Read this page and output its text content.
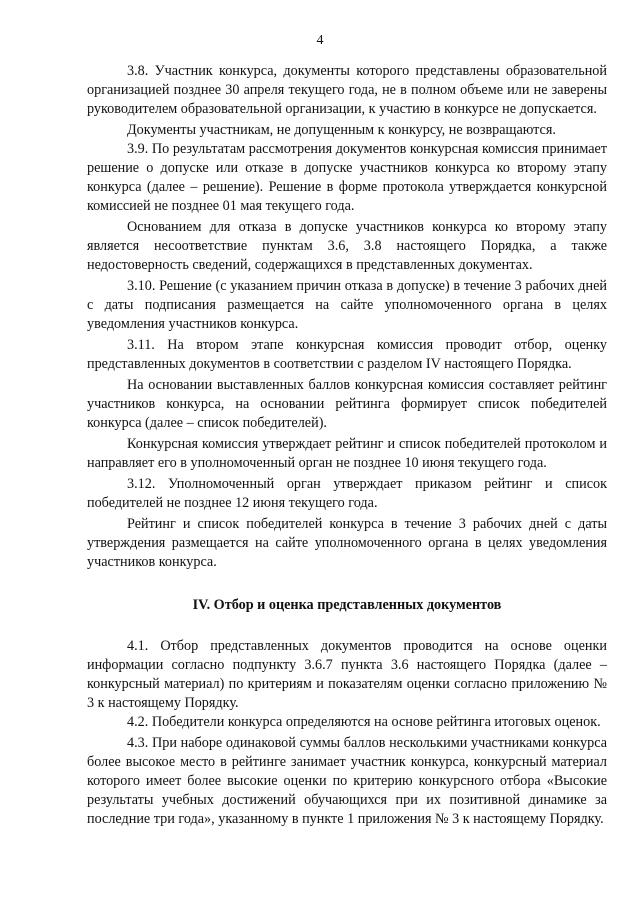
4

3.8. Участник конкурса, документы которого представлены образовательной организацией позднее 30 апреля текущего года, не в полном объеме или не заверены руководителем образовательной организации, к участию в конкурсе не допускается.

Документы участникам, не допущенным к конкурсу, не возвращаются.

3.9. По результатам рассмотрения документов конкурсная комиссия принимает решение о допуске или отказе в допуске участников конкурса ко второму этапу конкурса (далее – решение). Решение в форме протокола утверждается конкурсной комиссией не позднее 01 мая текущего года.

Основанием для отказа в допуске участников конкурса ко второму этапу является несоответствие пунктам 3.6, 3.8 настоящего Порядка, а также недостоверность сведений, содержащихся в представленных документах.

3.10. Решение (с указанием причин отказа в допуске) в течение 3 рабочих дней с даты подписания размещается на сайте уполномоченного органа в целях уведомления участников конкурса.

3.11. На втором этапе конкурсная комиссия проводит отбор, оценку представленных документов в соответствии с разделом IV настоящего Порядка.

На основании выставленных баллов конкурсная комиссия составляет рейтинг участников конкурса, на основании рейтинга формирует список победителей конкурса (далее – список победителей).

Конкурсная комиссия утверждает рейтинг и список победителей протоколом и направляет его в уполномоченный орган не позднее 10 июня текущего года.

3.12. Уполномоченный орган утверждает приказом рейтинг и список победителей не позднее 12 июня текущего года.

Рейтинг и список победителей конкурса в течение 3 рабочих дней с даты утверждения размещается на сайте уполномоченного органа в целях уведомления участников конкурса.

IV. Отбор и оценка представленных документов

4.1. Отбор представленных документов проводится на основе оценки информации согласно подпункту 3.6.7 пункта 3.6 настоящего Порядка (далее – конкурсный материал) по критериям и показателям оценки согласно приложению № 3 к настоящему Порядку.

4.2. Победители конкурса определяются на основе рейтинга итоговых оценок.

4.3. При наборе одинаковой суммы баллов несколькими участниками конкурса более высокое место в рейтинге занимает участник конкурса, конкурсный материал которого имеет более высокие оценки по критерию конкурсного отбора «Высокие результаты учебных достижений обучающихся при их позитивной динамике за последние три года», указанному в пункте 1 приложения № 3 к настоящему Порядку.
